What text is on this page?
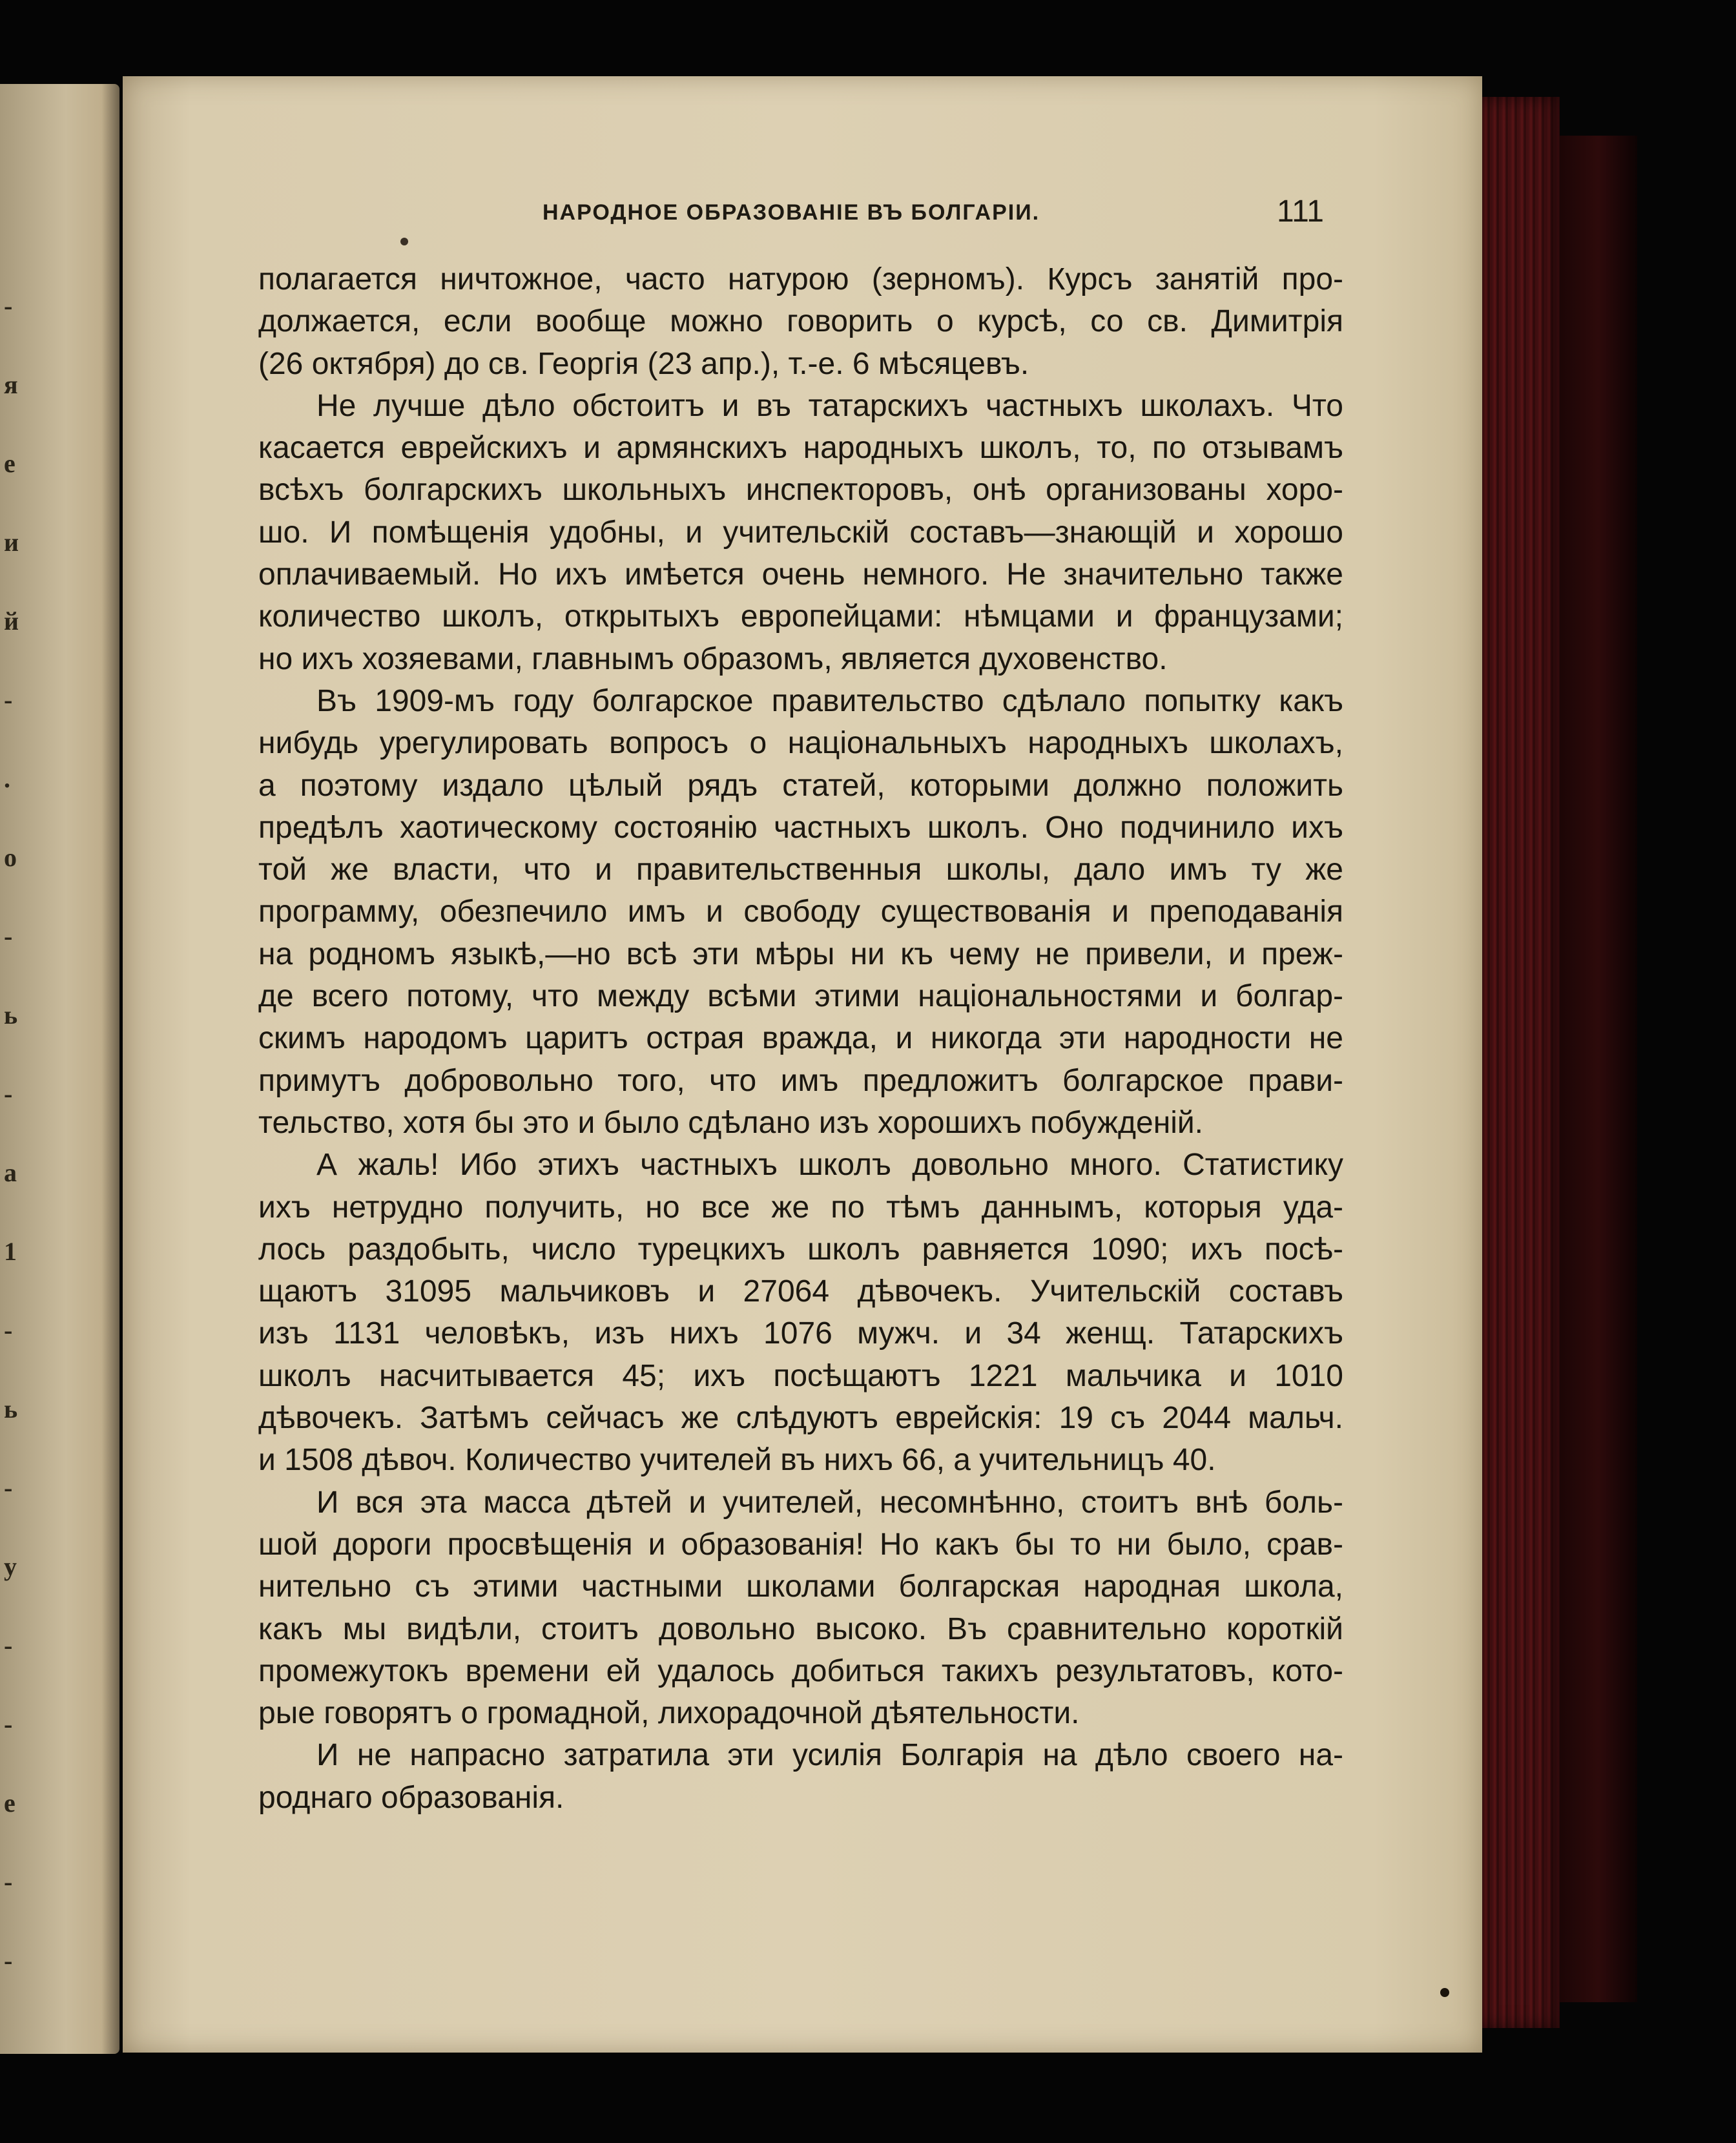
-
я
е
и
й
-
.
о
-
ь
-
а
1
-
ь
-
у
-
-
е
-
-
НАРОДНОЕ ОБРАЗОВАНІЕ ВЪ БОЛГАРІИ.	111
полагается ничтожное, часто натурою (зерномъ). Курсъ занятій про-
должается, если вообще можно говорить о курсѣ, со св. Димитрія
(26 октября) до св. Георгія (23 апр.), т.-е. 6 мѣсяцевъ.
Не лучше дѣло обстоитъ и въ татарскихъ частныхъ школахъ. Что
касается еврейскихъ и армянскихъ народныхъ школъ, то, по отзывамъ
всѣхъ болгарскихъ школьныхъ инспекторовъ, онѣ организованы хоро-
шо. И помѣщенія удобны, и учительскій составъ—знающій и хорошо
оплачиваемый. Но ихъ имѣется очень немного. Не значительно также
количество школъ, открытыхъ европейцами: нѣмцами и французами;
но ихъ хозяевами, главнымъ образомъ, является духовенство.
Въ 1909-мъ году болгарское правительство сдѣлало попытку какъ
нибудь урегулировать вопросъ о національныхъ народныхъ школахъ,
а поэтому издало цѣлый рядъ статей, которыми должно положить
предѣлъ хаотическому состоянію частныхъ школъ. Оно подчинило ихъ
той же власти, что и правительственныя школы, дало имъ ту же
программу, обезпечило имъ и свободу существованія и преподаванія
на родномъ языкѣ,—но всѣ эти мѣры ни къ чему не привели, и преж-
де всего потому, что между всѣми этими національностями и болгар-
скимъ народомъ царитъ острая вражда, и никогда эти народности не
примутъ добровольно того, что имъ предложитъ болгарское прави-
тельство, хотя бы это и было сдѣлано изъ хорошихъ побужденій.
А жаль! Ибо этихъ частныхъ школъ довольно много. Статистику
ихъ нетрудно получить, но все же по тѣмъ даннымъ, которыя уда-
лось раздобыть, число турецкихъ школъ равняется 1090; ихъ посѣ-
щаютъ 31095 мальчиковъ и 27064 дѣвочекъ. Учительскій составъ
изъ 1131 человѣкъ, изъ нихъ 1076 мужч. и 34 женщ. Татарскихъ
школъ насчитывается 45; ихъ посѣщаютъ 1221 мальчика и 1010
дѣвочекъ. Затѣмъ сейчасъ же слѣдуютъ еврейскія: 19 съ 2044 мальч.
и 1508 дѣвоч. Количество учителей въ нихъ 66, а учительницъ 40.
И вся эта масса дѣтей и учителей, несомнѣнно, стоитъ внѣ боль-
шой дороги просвѣщенія и образованія! Но какъ бы то ни было, срав-
нительно съ этими частными школами болгарская народная школа,
какъ мы видѣли, стоитъ довольно высоко. Въ сравнительно короткій
промежутокъ времени ей удалось добиться такихъ результатовъ, кото-
рые говорятъ о громадной, лихорадочной дѣятельности.
И не напрасно затратила эти усилія Болгарія на дѣло своего на-
роднаго образованія.
